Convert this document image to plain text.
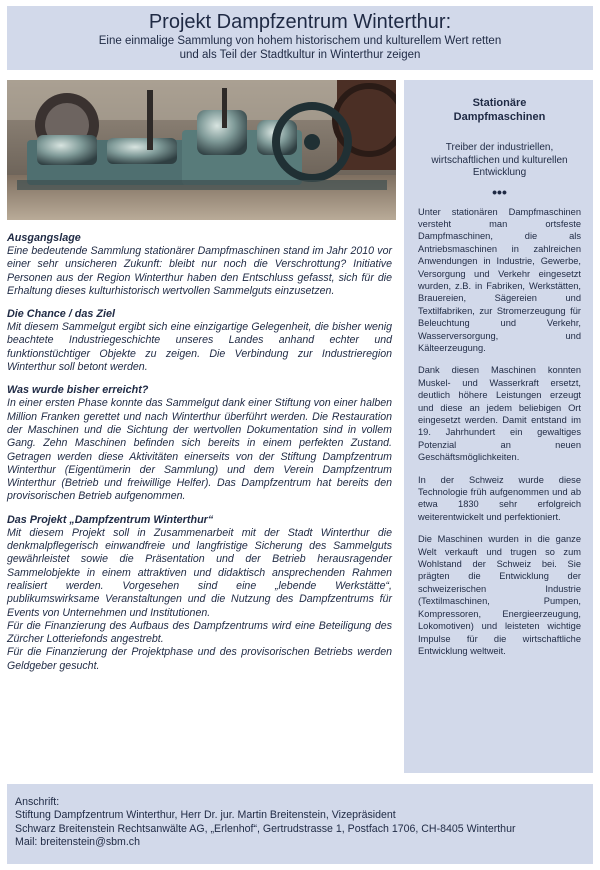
Projekt Dampfzentrum Winterthur:
Eine einmalige Sammlung von hohem historischem und kulturellem Wert retten
und als Teil der Stadtkultur in Winterthur zeigen
Ausgangslage

Eine bedeutende Sammlung stationärer Dampfmaschinen stand im Jahr 2010 vor einer sehr unsicheren Zukunft: bleibt nur noch die Verschrottung? Initiative Personen aus der Region Winterthur haben den Entschluss gefasst, sich für die Erhaltung dieses kulturhistorisch wertvollen Sammelguts einzusetzen.

Die Chance / das Ziel

Mit diesem Sammelgut ergibt sich eine einzigartige Gelegenheit, die bisher wenig beachtete Industriegeschichte unseres Landes anhand echter und funktionstüchtiger Objekte zu zeigen. Die Verbindung zur Industrieregion Winterthur soll betont werden.

Was wurde bisher erreicht?

In einer ersten Phase konnte das Sammelgut dank einer Stiftung von einer halben Million Franken gerettet und nach Winterthur überführt werden. Die Restauration der Maschinen und die Sichtung der wertvollen Dokumentation sind in vollem Gang. Zehn Maschinen befinden sich bereits in einem perfekten Zustand. Getragen werden diese Aktivitäten einerseits von der Stiftung Dampfzentrum Winterthur (Eigentümerin der Sammlung) und dem Verein Dampfzentrum Winterthur (Betrieb und freiwillige Helfer). Das Dampfzentrum hat bereits den provisorischen Betrieb aufgenommen.

Das Projekt „Dampfzentrum Winterthur“

Mit diesem Projekt soll in Zusammenarbeit mit der Stadt Winterthur die denkmalpflegerisch einwandfreie und langfristige Sicherung des Sammelguts gewährleistet sowie die Präsentation und der Betrieb herausragender Sammelobjekte in einem attraktiven und didaktisch ansprechenden Rahmen realisiert werden. Vorgesehen sind eine „lebende Werkstätte“, publikumswirksame Veranstaltungen und die Nutzung des Dampfzentrums für Events von Unternehmen und Institutionen.

Für die Finanzierung des Aufbaus des Dampfzentrums wird eine Beteiligung des Zürcher Lotteriefonds angestrebt.

Für die Finanzierung der Projektphase und des provisorischen Betriebs werden Geldgeber gesucht.

Stationäre
Dampfmaschinen
Treiber der industriellen, wirtschaftlichen und kulturellen Entwicklung
•••

Unter stationären Dampfmaschinen versteht man ortsfeste Dampfmaschinen, die als Antriebsmaschinen in zahlreichen Anwendungen in Industrie, Gewerbe, Versorgung und Verkehr eingesetzt wurden, z.B. in Fabriken, Werkstätten, Brauereien, Sägereien und Textilfabriken, zur Stromerzeugung für Beleuchtung und Verkehr, Wasserversorgung, und Kälteerzeugung.

Dank diesen Maschinen konnten Muskel- und Wasserkraft ersetzt, deutlich höhere Leistungen erzeugt und diese an jedem beliebigen Ort eingesetzt werden. Damit entstand im 19. Jahrhundert ein gewaltiges Potenzial an neuen Geschäftsmöglichkeiten.

In der Schweiz wurde diese Technologie früh aufgenommen und ab etwa 1830 sehr erfolgreich weiterentwickelt und perfektioniert.

Die Maschinen wurden in die ganze Welt verkauft und trugen so zum Wohlstand der Schweiz bei. Sie prägten die Entwicklung der schweizerischen Industrie (Textilmaschinen, Pumpen, Kompressoren, Energieerzeugung, Lokomotiven) und leisteten wichtige Impulse für die wirtschaftliche Entwicklung weltweit.

Anschrift:
Stiftung Dampfzentrum Winterthur, Herr Dr. jur. Martin Breitenstein, Vizepräsident
Schwarz Breitenstein Rechtsanwälte AG, „Erlenhof“, Gertrudstrasse 1, Postfach 1706, CH-8405 Winterthur
Mail: breitenstein@sbm.ch
